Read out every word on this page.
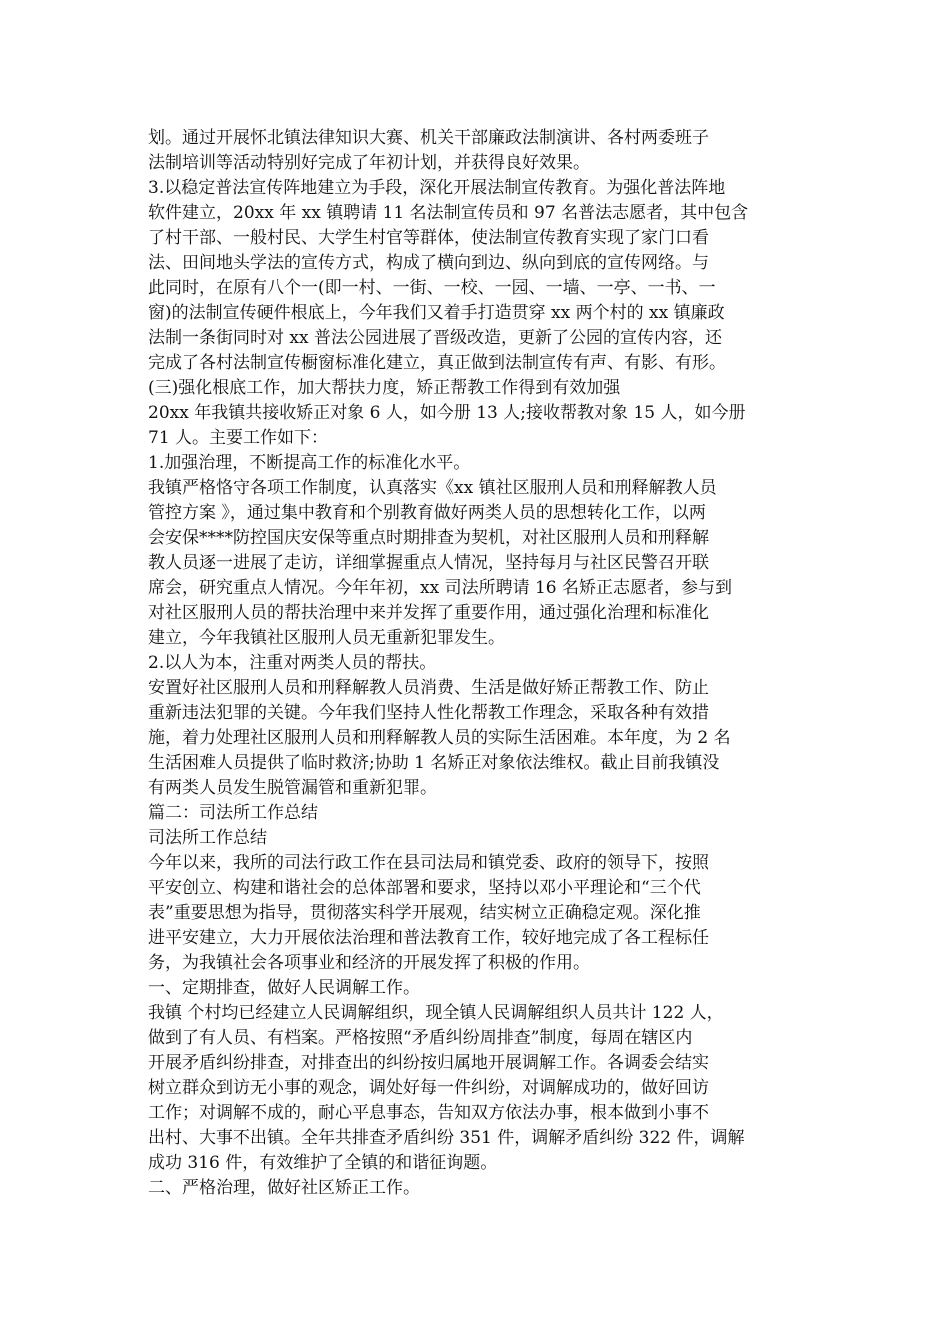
划。通过开展怀北镇法律知识大赛、机关干部廉政法制演讲、各村两委班子
法制培训等活动特别好完成了年初计划，并获得良好效果。
3.以稳定普法宣传阵地建立为手段，深化开展法制宣传教育。为强化普法阵地
软件建立，20xx 年 xx 镇聘请 11 名法制宣传员和 97 名普法志愿者，其中包含
了村干部、一般村民、大学生村官等群体，使法制宣传教育实现了家门口看
法、田间地头学法的宣传方式，构成了横向到边、纵向到底的宣传网络。与
此同时，在原有八个一(即一村、一街、一校、一园、一墙、一亭、一书、一
窗)的法制宣传硬件根底上，今年我们又着手打造贯穿 xx 两个村的 xx 镇廉政
法制一条街同时对 xx 普法公园进展了晋级改造，更新了公园的宣传内容，还
完成了各村法制宣传橱窗标准化建立，真正做到法制宣传有声、有影、有形。
(三)强化根底工作，加大帮扶力度，矫正帮教工作得到有效加强
20xx 年我镇共接收矫正对象 6 人，如今册 13 人;接收帮教对象 15 人，如今册
71 人。主要工作如下：
1.加强治理，不断提高工作的标准化水平。
我镇严格恪守各项工作制度，认真落实《xx 镇社区服刑人员和刑释解教人员
管控方案 》，通过集中教育和个别教育做好两类人员的思想转化工作，以两
会安保****防控国庆安保等重点时期排查为契机，对社区服刑人员和刑释解
教人员逐一进展了走访，详细掌握重点人情况，坚持每月与社区民警召开联
席会，研究重点人情况。今年年初，xx 司法所聘请 16 名矫正志愿者，参与到
对社区服刑人员的帮扶治理中来并发挥了重要作用，通过强化治理和标准化
建立，今年我镇社区服刑人员无重新犯罪发生。
2.以人为本，注重对两类人员的帮扶。
安置好社区服刑人员和刑释解教人员消费、生活是做好矫正帮教工作、防止
重新违法犯罪的关键。今年我们坚持人性化帮教工作理念，采取各种有效措
施，着力处理社区服刑人员和刑释解教人员的实际生活困难。本年度，为 2 名
生活困难人员提供了临时救济;协助 1 名矫正对象依法维权。截止目前我镇没
有两类人员发生脱管漏管和重新犯罪。
篇二：司法所工作总结
司法所工作总结
今年以来，我所的司法行政工作在县司法局和镇党委、政府的领导下，按照
平安创立、构建和谐社会的总体部署和要求，坚持以邓小平理论和“三个代
表”重要思想为指导，贯彻落实科学开展观，结实树立正确稳定观。深化推
进平安建立，大力开展依法治理和普法教育工作，较好地完成了各工程标任
务，为我镇社会各项事业和经济的开展发挥了积极的作用。
一、定期排查，做好人民调解工作。
我镇 个村均已经建立人民调解组织，现全镇人民调解组织人员共计 122 人，
做到了有人员、有档案。严格按照“矛盾纠纷周排查”制度，每周在辖区内
开展矛盾纠纷排查，对排查出的纠纷按归属地开展调解工作。各调委会结实
树立群众到访无小事的观念，调处好每一件纠纷，对调解成功的，做好回访
工作；对调解不成的，耐心平息事态，告知双方依法办事，根本做到小事不
出村、大事不出镇。全年共排查矛盾纠纷 351 件，调解矛盾纠纷 322 件，调解
成功 316 件，有效维护了全镇的和谐征询题。
二、严格治理，做好社区矫正工作。
